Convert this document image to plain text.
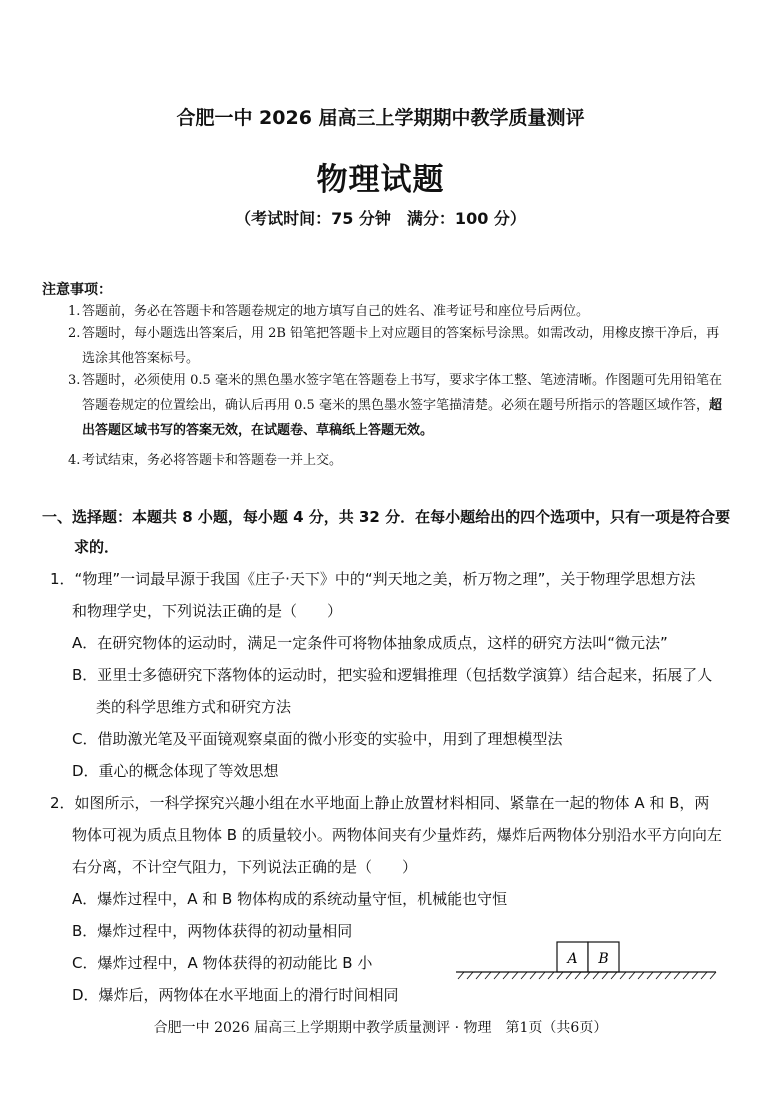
合肥一中 2026 届高三上学期期中教学质量测评
物理试题
（考试时间：75 分钟　满分：100 分）
注意事项：
1. 答题前，务必在答题卡和答题卷规定的地方填写自己的姓名、准考证号和座位号后两位。
2. 答题时，每小题选出答案后，用 2B 铅笔把答题卡上对应题目的答案标号涂黑。如需改动，用橡皮擦干净后，再选涂其他答案标号。
3. 答题时，必须使用 0.5 毫米的黑色墨水签字笔在答题卷上书写，要求字体工整、笔迹清晰。作图题可先用铅笔在答题卷规定的位置绘出，确认后再用 0.5 毫米的黑色墨水签字笔描清楚。必须在题号所指示的答题区域作答，超出答题区域书写的答案无效，在试题卷、草稿纸上答题无效。
4. 考试结束，务必将答题卡和答题卷一并上交。
一、选择题：本题共 8 小题，每小题 4 分，共 32 分．在每小题给出的四个选项中，只有一项是符合要
求的．
1．“物理”一词最早源于我国《庄子·天下》中的“判天地之美，析万物之理”，关于物理学思想方法
和物理学史，下列说法正确的是（　　）
A．在研究物体的运动时，满足一定条件可将物体抽象成质点，这样的研究方法叫“微元法”
B．亚里士多德研究下落物体的运动时，把实验和逻辑推理（包括数学演算）结合起来，拓展了人
类的科学思维方式和研究方法
C．借助激光笔及平面镜观察桌面的微小形变的实验中，用到了理想模型法
D．重心的概念体现了等效思想
2．如图所示，一科学探究兴趣小组在水平地面上静止放置材料相同、紧靠在一起的物体 A 和 B，两
物体可视为质点且物体 B 的质量较小。两物体间夹有少量炸药，爆炸后两物体分别沿水平方向向左
右分离，不计空气阻力，下列说法正确的是（　　）
A．爆炸过程中，A 和 B 物体构成的系统动量守恒，机械能也守恒
B．爆炸过程中，两物体获得的初动量相同
C．爆炸过程中，A 物体获得的初动能比 B 小
D．爆炸后，两物体在水平地面上的滑行时间相同
A B
合肥一中 2026 届高三上学期期中教学质量测评 · 物理　第1页（共6页）
